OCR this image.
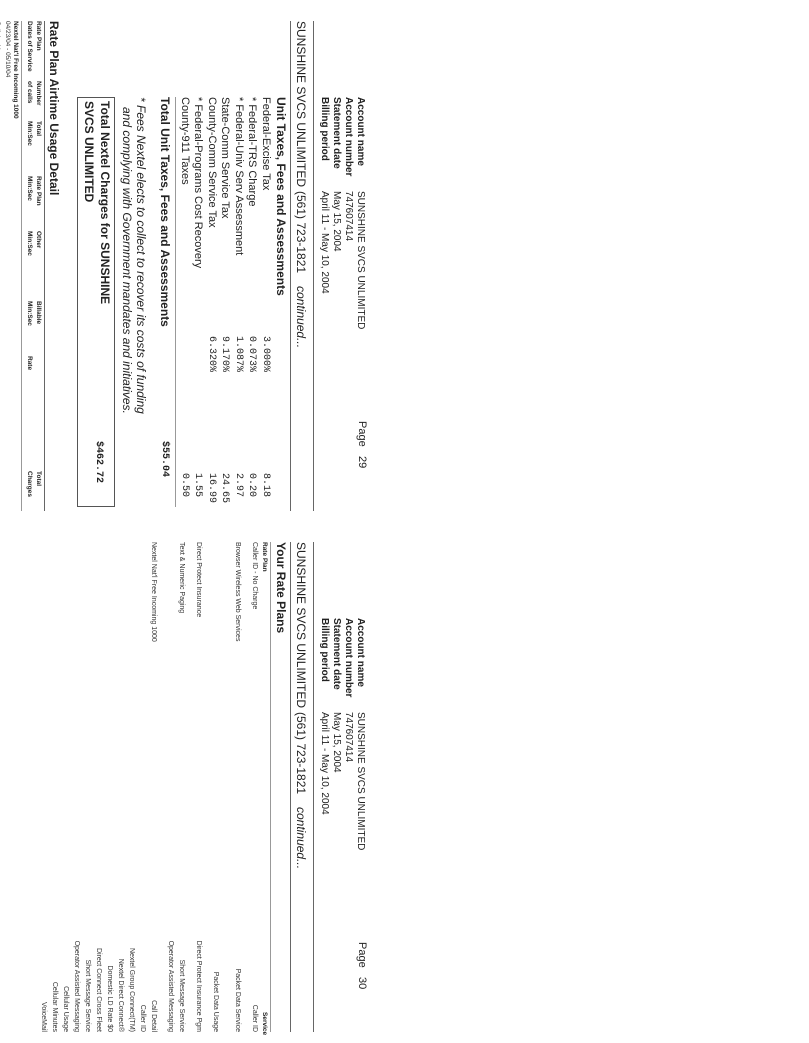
Account name
SUNSHINE SVCS UNLIMITED
Account number
747607414
Statement date
May 15, 2004
Billing period
April 11 - May 10, 2004
Page
29
SUNSHINE SVCS UNLIMITED
(561) 723-1821
continued...
Unit Taxes, Fees and Assessments
Federal-Excise Tax
3.000%
8.18
* Federal-TRS Charge
0.073%
0.20
* Federal-Univ Serv Assessment
1.087%
2.97
State-Comm Service Tax
9.170%
24.65
County-Comm Service Tax
6.320%
16.99
* Federal-Programs Cost Recovery
1.55
County-911 Taxes
0.50
Total Unit Taxes, Fees and Assessments
$55.04
* Fees Nextel elects to collect to recover its costs of funding
and complying with Government mandates and initiatives.
Total Nextel Charges for SUNSHINE
SVCS UNLIMITED
$462.72
Rate Plan Airtime Usage Detail
Rate Plan
Dates of Service
Number
of calls
Total
Min:Sec
Rate Plan
Min:Sec
Other
Min:Sec
Billable
Min:Sec
Rate
Total
Charges
Nextel Nat'l Free Incoming 1000
04/23/04 - 05/10/04
Account name
SUNSHINE SVCS UNLIMITED
Account number
747607414
Statement date
May 15, 2004
Billing period
April 11 - May 10, 2004
Page
30
SUNSHINE SVCS UNLIMITED
(561) 723-1821
continued...
Your Rate Plans
Rate Plan
Service
Caller ID - No Charge
Caller ID
Browser Wireless Web Services
Packet Data Service
Packet Data Usage
Direct Protect Insurance
Direct Protect Insurance Pgm
Text & Numeric Paging
Short Message Service
Operator Assisted Messaging
Nextel Nat'l Free Incoming 1000
Call Detail
Caller ID
Nextel Group Connect(TM)
Nextel Direct Connect®
Domestic LD Rate $0
Direct Connect Cross Fleet
Short Message Service
Operator Assisted Messaging
Cellular Usage
Cellular Minutes
VoiceMail
